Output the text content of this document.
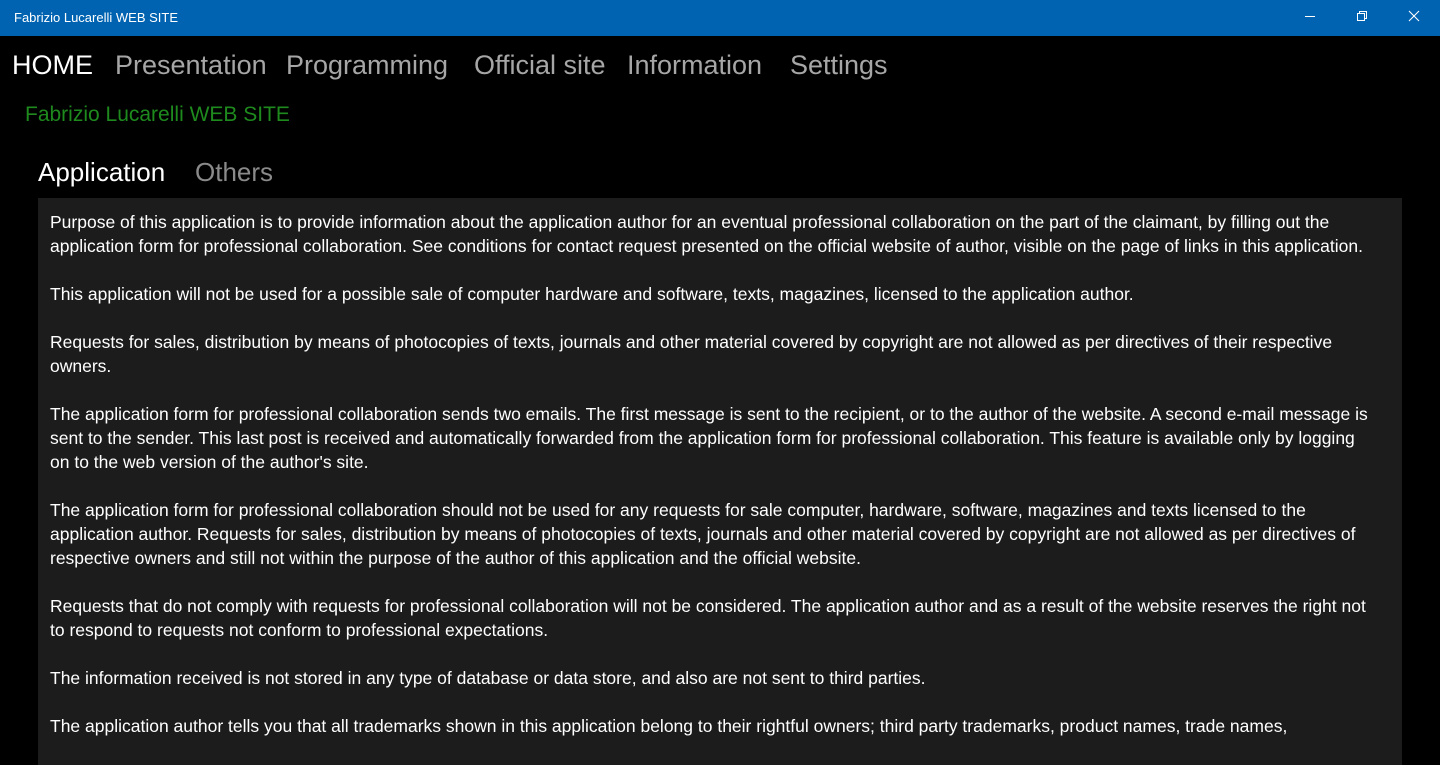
Fabrizio Lucarelli WEB SITE
HOME Presentation Programming Official site Information Settings
Fabrizio Lucarelli WEB SITE
Application Others

Purpose of this application is to provide information about the application author for an eventual professional collaboration on the part of the claimant, by filling out the application form for professional collaboration. See conditions for contact request presented on the official website of author, visible on the page of links in this application.

This application will not be used for a possible sale of computer hardware and software, texts, magazines, licensed to the application author.

Requests for sales, distribution by means of photocopies of texts, journals and other material covered by copyright are not allowed as per directives of their respective owners.

The application form for professional collaboration sends two emails. The first message is sent to the recipient, or to the author of the website. A second e-mail message is sent to the sender. This last post is received and automatically forwarded from the application form for professional collaboration. This feature is available only by logging on to the web version of the author's site.

The application form for professional collaboration should not be used for any requests for sale computer, hardware, software, magazines and texts licensed to the application author. Requests for sales, distribution by means of photocopies of texts, journals and other material covered by copyright are not allowed as per directives of respective owners and still not within the purpose of the author of this application and the official website.

Requests that do not comply with requests for professional collaboration will not be considered. The application author and as a result of the website reserves the right not to respond to requests not conform to professional expectations.

The information received is not stored in any type of database or data store, and also are not sent to third parties.

The application author tells you that all trademarks shown in this application belong to their rightful owners; third party trademarks, product names, trade names,
